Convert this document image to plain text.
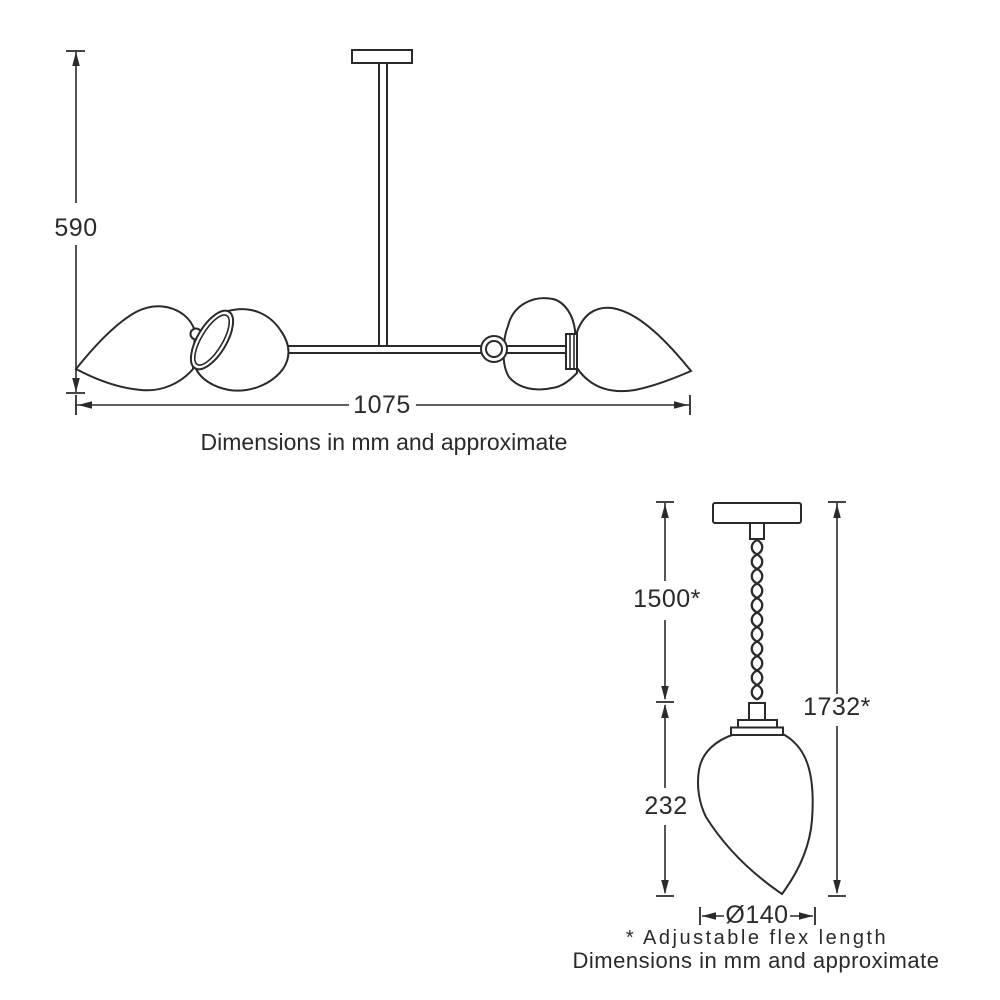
590
1075
Dimensions in mm and approximate
1500*
232
1732*
Ø140
* Adjustable flex length
Dimensions in mm and approximate
